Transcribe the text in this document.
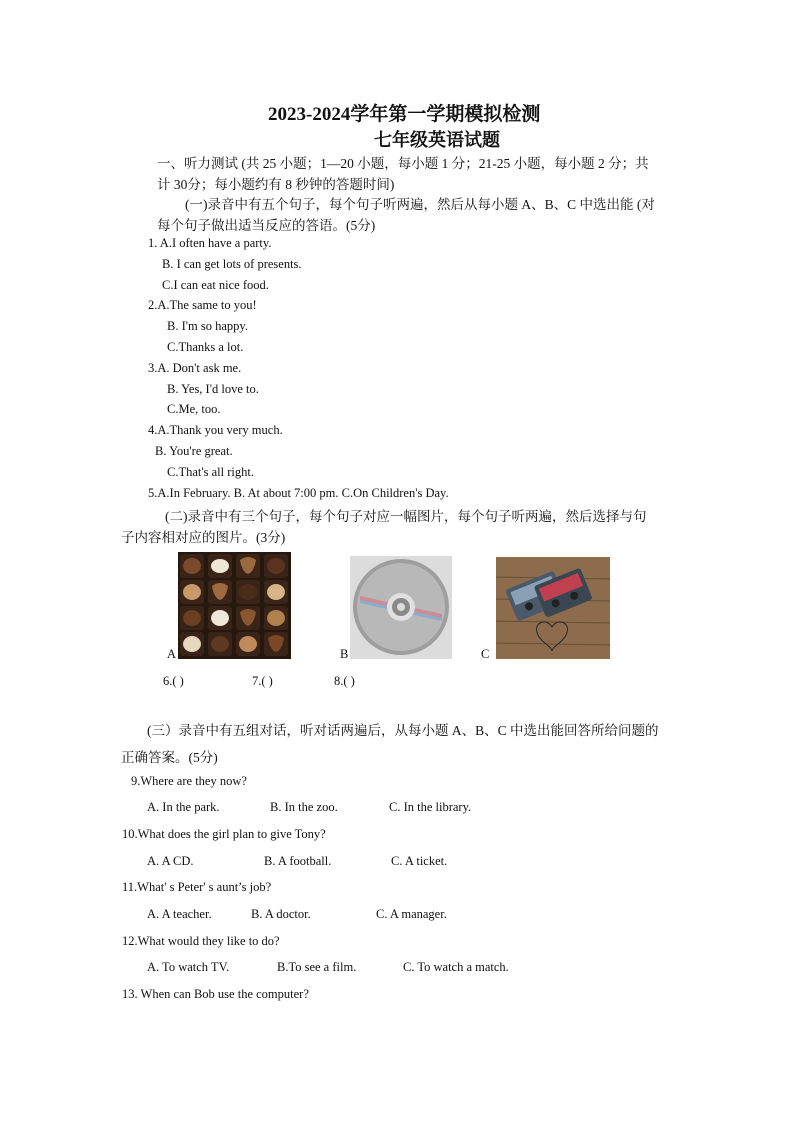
2023-2024学年第一学期模拟检测
七年级英语试题
一、听力测试 (共 25 小题；1—20 小题，每小题 1 分；21-25 小题，每小题 2 分；共
计 30分；每小题约有 8 秒钟的答题时间)
(一)录音中有五个句子，每个句子听两遍，然后从每小题 A、B、C 中选出能 (对
每个句子做出适当反应的答语。(5分)
1. A.I often have a party.
B. I can get lots of presents.
C.I can eat nice food.
2.A.The same to you!
B. I'm so happy.
C.Thanks a lot.
3.A. Don't ask me.
B. Yes, I'd love to.
C.Me, too.
4.A.Thank you very much.
B. You're great.
C.That's all right.
5.A.In February. B. At about 7:00 pm. C.On Children's Day.
(二)录音中有三个句子，每个句子对应一幅图片，每个句子听两遍，然后选择与句
子内容相对应的图片。(3分)
A	B	C
6.( )	7.( )	8.( )
(三）录音中有五组对话，听对话两遍后，从每小题 A、B、C 中选出能回答所给问题的
正确答案。(5分)
9.Where are they now?
A. In the park.	B. In the zoo.	C. In the library.
10.What does the girl plan to give Tony?
A. A CD.	B. A football.	C. A ticket.
11.What' s Peter' s aunt’s job?
A. A teacher.	B. A doctor.	C. A manager.
12.What would they like to do?
A. To watch TV.	B.To see a film.	C. To watch a match.
13. When can Bob use the computer?
